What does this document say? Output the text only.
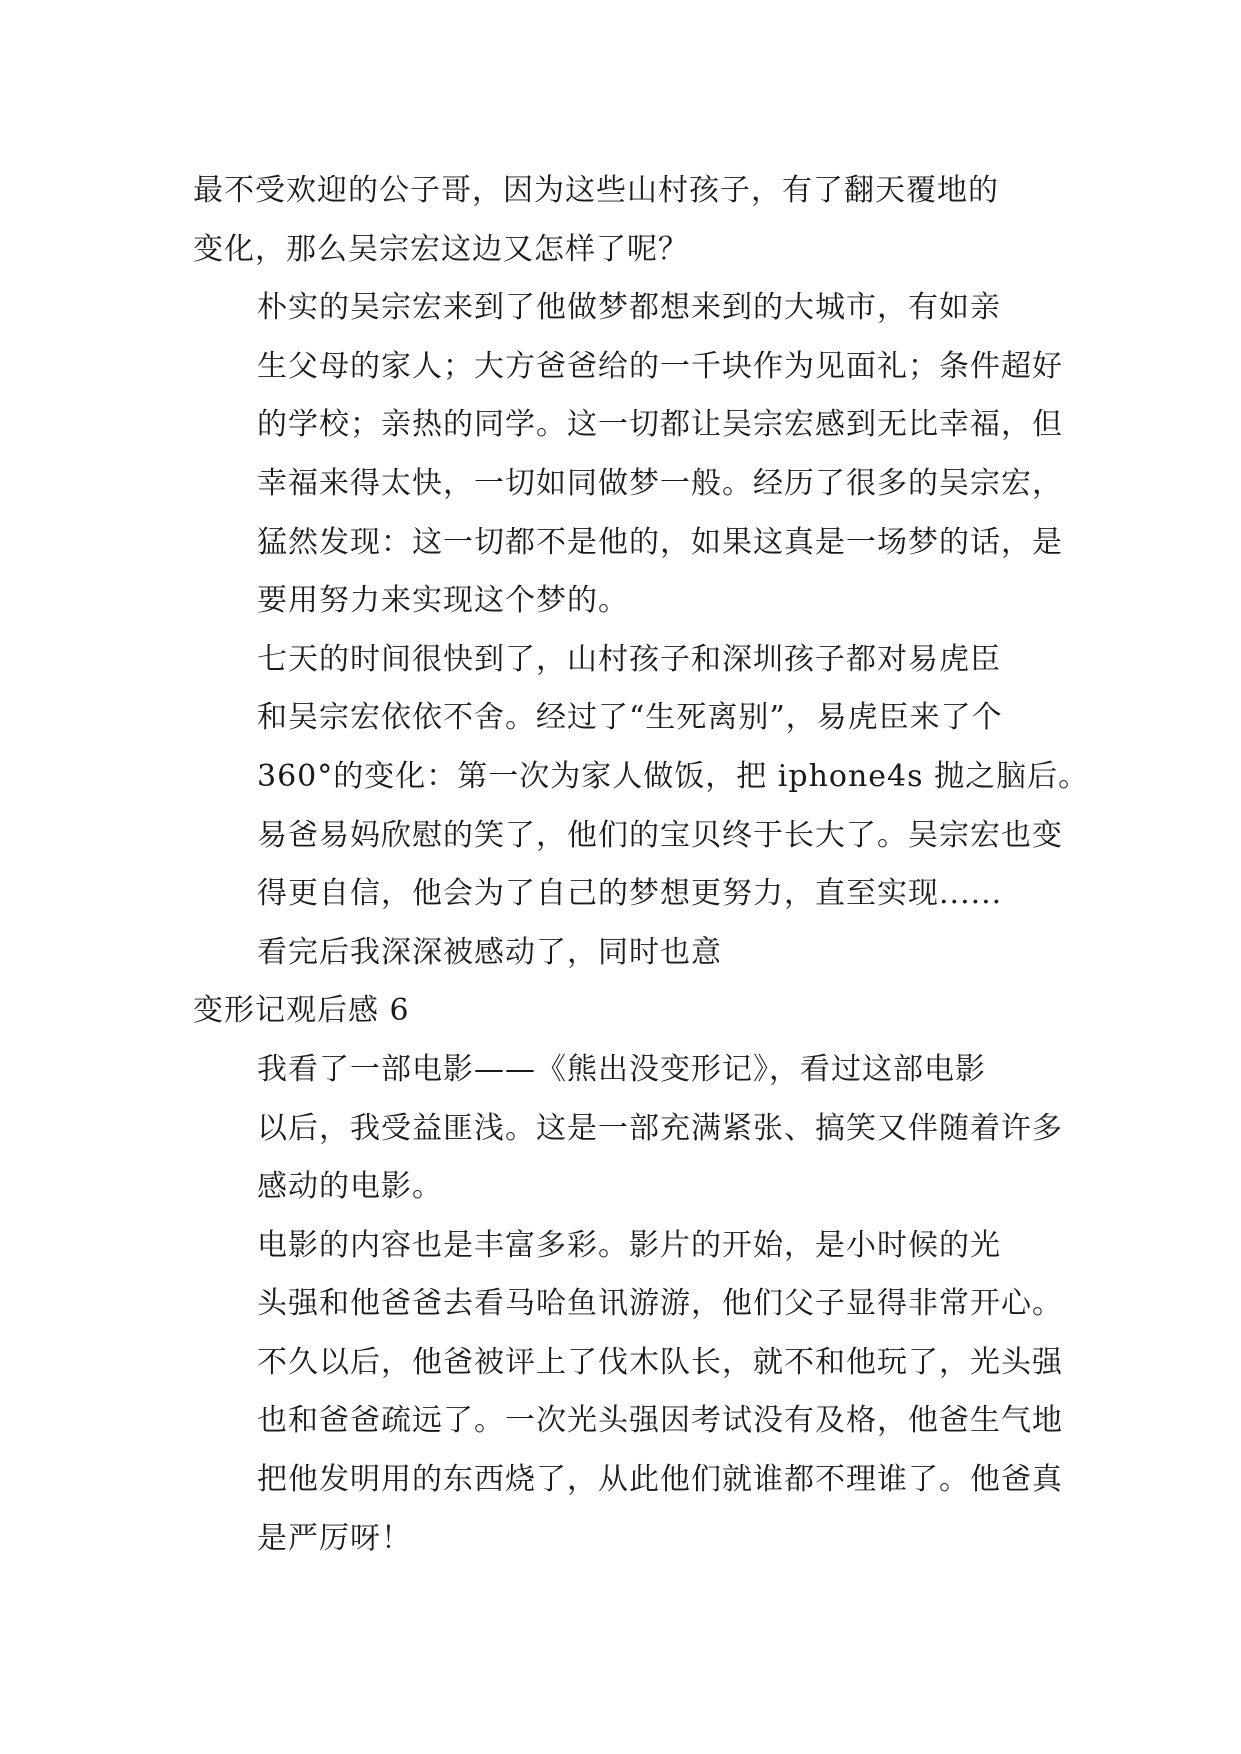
最不受欢迎的公子哥，因为这些山村孩子，有了翻天覆地的
变化，那么吴宗宏这边又怎样了呢？

朴实的吴宗宏来到了他做梦都想来到的大城市，有如亲
生父母的家人；大方爸爸给的一千块作为见面礼；条件超好
的学校；亲热的同学。这一切都让吴宗宏感到无比幸福，但
幸福来得太快，一切如同做梦一般。经历了很多的吴宗宏，
猛然发现：这一切都不是他的，如果这真是一场梦的话，是
要用努力来实现这个梦的。

七天的时间很快到了，山村孩子和深圳孩子都对易虎臣
和吴宗宏依依不舍。经过了“生死离别”，易虎臣来了个
360°的变化：第一次为家人做饭，把 iphone4s 抛之脑后。
易爸易妈欣慰的笑了，他们的宝贝终于长大了。吴宗宏也变
得更自信，他会为了自己的梦想更努力，直至实现......

看完后我深深被感动了，同时也意

变形记观后感 6

我看了一部电影——《熊出没变形记》，看过这部电影
以后，我受益匪浅。这是一部充满紧张、搞笑又伴随着许多
感动的电影。

电影的内容也是丰富多彩。影片的开始，是小时候的光
头强和他爸爸去看马哈鱼讯游游，他们父子显得非常开心。
不久以后，他爸被评上了伐木队长，就不和他玩了，光头强
也和爸爸疏远了。一次光头强因考试没有及格，他爸生气地
把他发明用的东西烧了，从此他们就谁都不理谁了。他爸真
是严厉呀！
